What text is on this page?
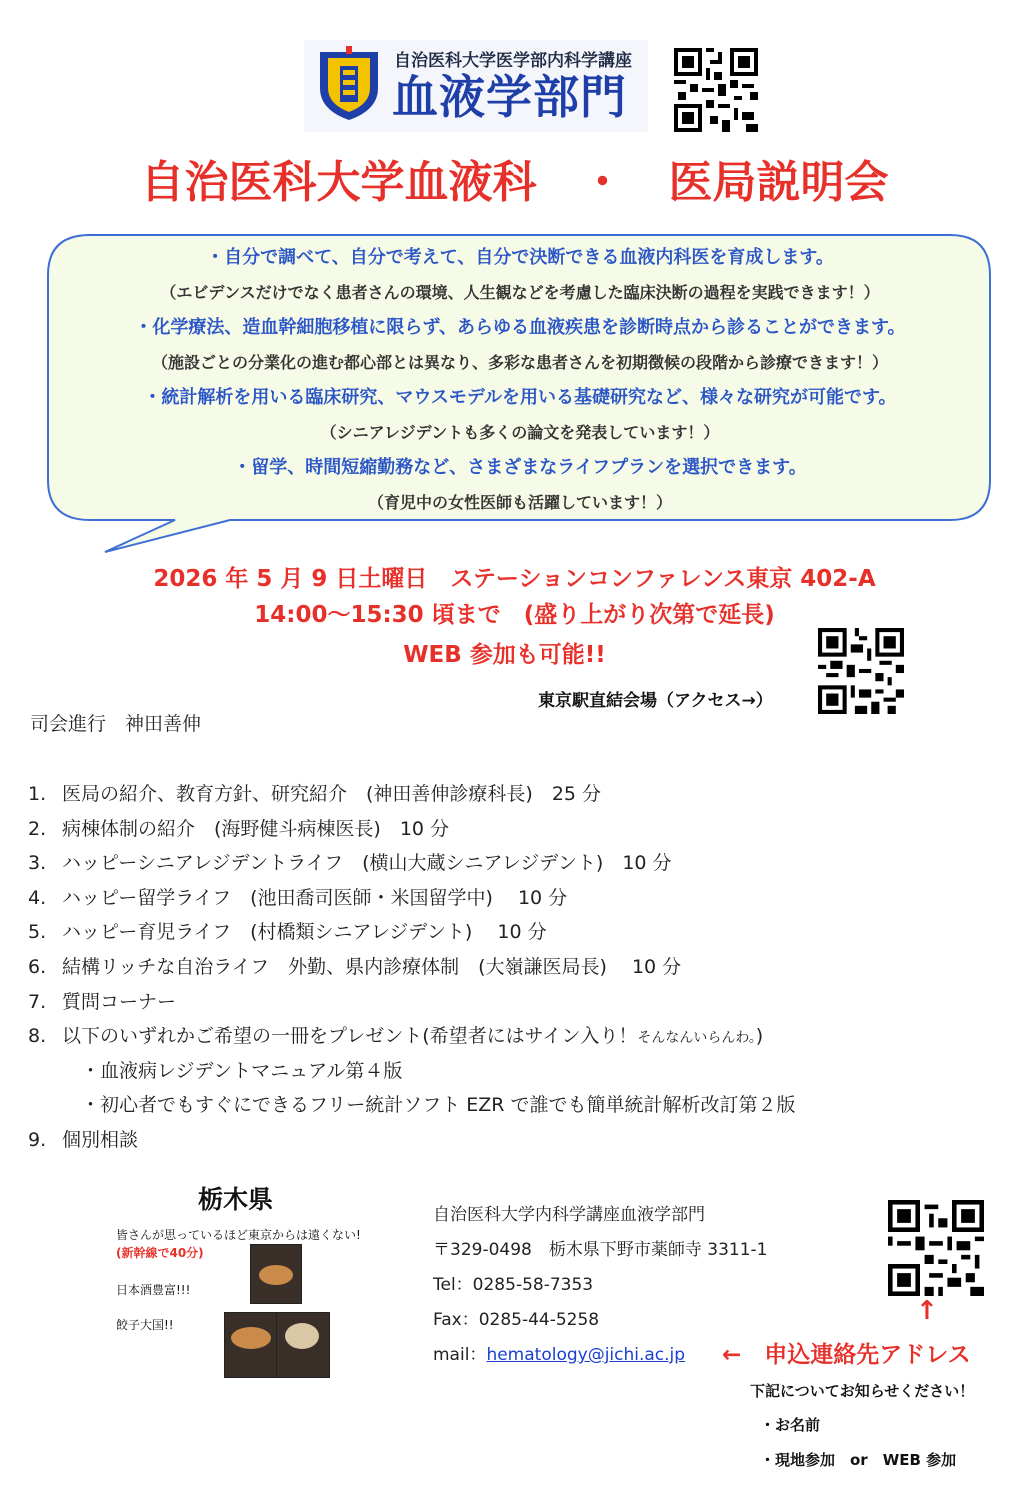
自治医科大学医学部内科学講座
血液学部門
自治医科大学血液科　・　医局説明会
・自分で調べて、自分で考えて、自分で決断できる血液内科医を育成します。
（エビデンスだけでなく患者さんの環境、人生観などを考慮した臨床決断の過程を実践できます！）
・化学療法、造血幹細胞移植に限らず、あらゆる血液疾患を診断時点から診ることができます。
（施設ごとの分業化の進む都心部とは異なり、多彩な患者さんを初期徴候の段階から診療できます！）
・統計解析を用いる臨床研究、マウスモデルを用いる基礎研究など、様々な研究が可能です。
（シニアレジデントも多くの論文を発表しています！）
・留学、時間短縮勤務など、さまざまなライフプランを選択できます。
（育児中の女性医師も活躍しています！）
2026 年 5 月 9 日土曜日　ステーションコンファレンス東京 402-A
14:00～15:30 頃まで　(盛り上がり次第で延長)
WEB 参加も可能!!
東京駅直結会場（アクセス→）
司会進行　神田善伸
1. 医局の紹介、教育方針、研究紹介　(神田善伸診療科長)　25 分
2. 病棟体制の紹介　(海野健斗病棟医長)　10 分
3. ハッピーシニアレジデントライフ　(横山大蔵シニアレジデント)　10 分
4. ハッピー留学ライフ　(池田喬司医師・米国留学中)　 10 分
5. ハッピー育児ライフ　(村橋類シニアレジデント)　 10 分
6. 結構リッチな自治ライフ　外勤、県内診療体制　(大嶺謙医局長)　 10 分
7. 質問コーナー
8. 以下のいずれかご希望の一冊をプレゼント(希望者にはサイン入り！そんなんいらんわ。)
　・血液病レジデントマニュアル第４版
　・初心者でもすぐにできるフリー統計ソフト EZR で誰でも簡単統計解析改訂第２版
9. 個別相談
栃木県
皆さんが思っているほど東京からは遠くない!
(新幹線で40分)
日本酒豊富!!!
餃子大国!!
自治医科大学内科学講座血液学部門
〒329-0498　栃木県下野市薬師寺 3311-1
Tel：0285-58-7353
Fax：0285-44-5258
mail：hematology@jichi.ac.jp
↑
←　申込連絡先アドレス
下記についてお知らせください！
・お名前
・現地参加　or　WEB 参加
